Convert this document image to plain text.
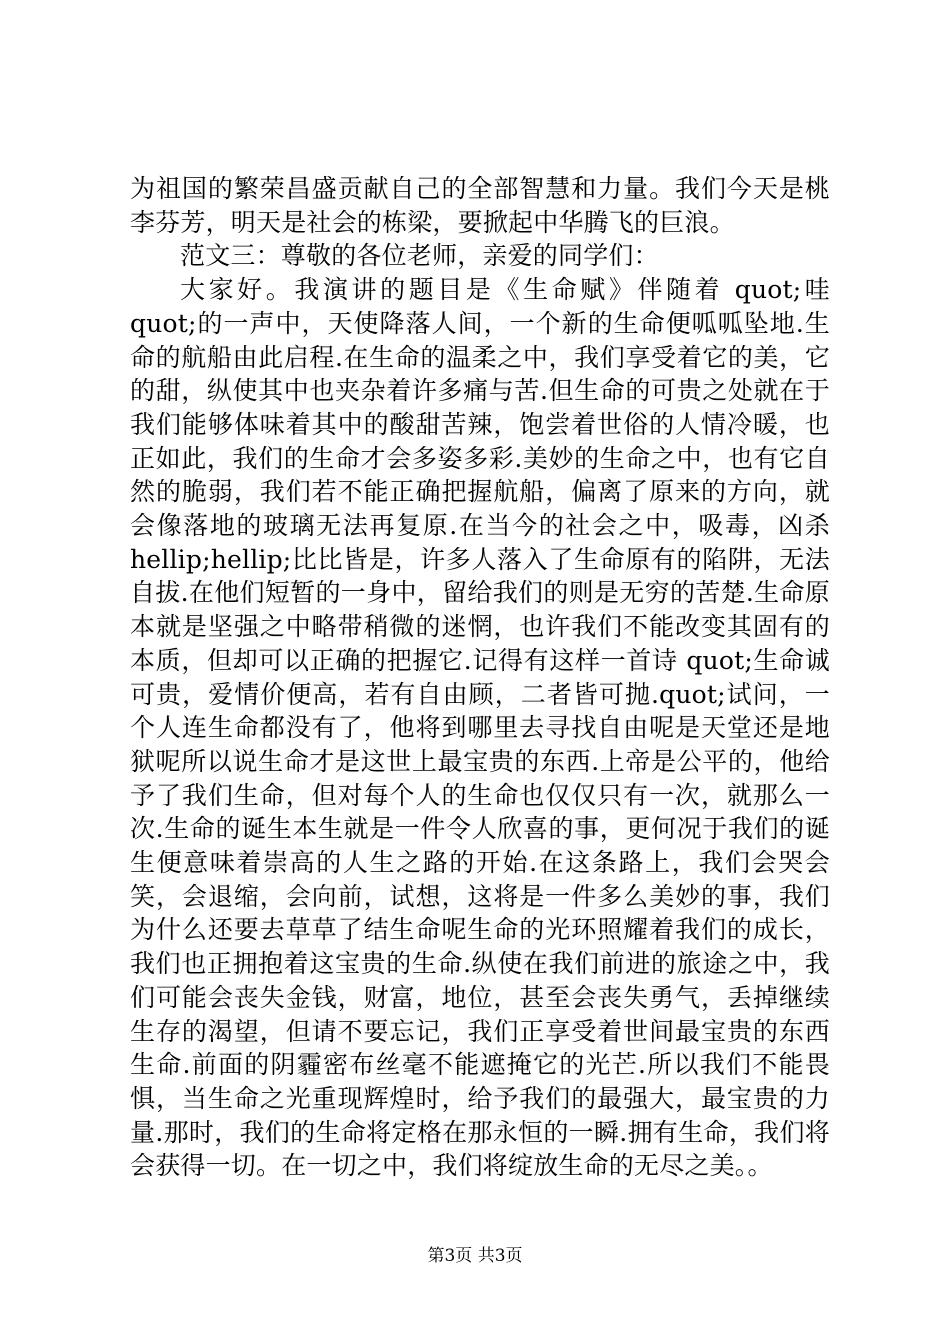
为祖国的繁荣昌盛贡献自己的全部智慧和力量。我们今天是桃李芬芳，明天是社会的栋梁，要掀起中华腾飞的巨浪。

范文三：尊敬的各位老师，亲爱的同学们：

大家好。我演讲的题目是《生命赋》伴随着 quot;哇 quot;的一声中，天使降落人间，一个新的生命便呱呱坠地.生命的航船由此启程.在生命的温柔之中，我们享受着它的美，它的甜，纵使其中也夹杂着许多痛与苦.但生命的可贵之处就在于我们能够体味着其中的酸甜苦辣，饱尝着世俗的人情冷暖，也正如此，我们的生命才会多姿多彩.美妙的生命之中，也有它自然的脆弱，我们若不能正确把握航船，偏离了原来的方向，就会像落地的玻璃无法再复原.在当今的社会之中，吸毒，凶杀 hellip;hellip;比比皆是，许多人落入了生命原有的陷阱，无法自拔.在他们短暂的一身中，留给我们的则是无穷的苦楚.生命原本就是坚强之中略带稍微的迷惘，也许我们不能改变其固有的本质，但却可以正确的把握它.记得有这样一首诗 quot;生命诚可贵，爱情价便高，若有自由顾，二者皆可抛.quot;试问，一个人连生命都没有了，他将到哪里去寻找自由呢是天堂还是地狱呢所以说生命才是这世上最宝贵的东西.上帝是公平的，他给予了我们生命，但对每个人的生命也仅仅只有一次，就那么一次.生命的诞生本生就是一件令人欣喜的事，更何况于我们的诞生便意味着崇高的人生之路的开始.在这条路上，我们会哭会笑，会退缩，会向前，试想，这将是一件多么美妙的事，我们为什么还要去草草了结生命呢生命的光环照耀着我们的成长，我们也正拥抱着这宝贵的生命.纵使在我们前进的旅途之中，我们可能会丧失金钱，财富，地位，甚至会丧失勇气，丢掉继续生存的渴望，但请不要忘记，我们正享受着世间最宝贵的东西生命.前面的阴霾密布丝毫不能遮掩它的光芒.所以我们不能畏惧，当生命之光重现辉煌时，给予我们的最强大，最宝贵的力量.那时，我们的生命将定格在那永恒的一瞬.拥有生命，我们将会获得一切。在一切之中，我们将绽放生命的无尽之美。。

第3页 共3页
